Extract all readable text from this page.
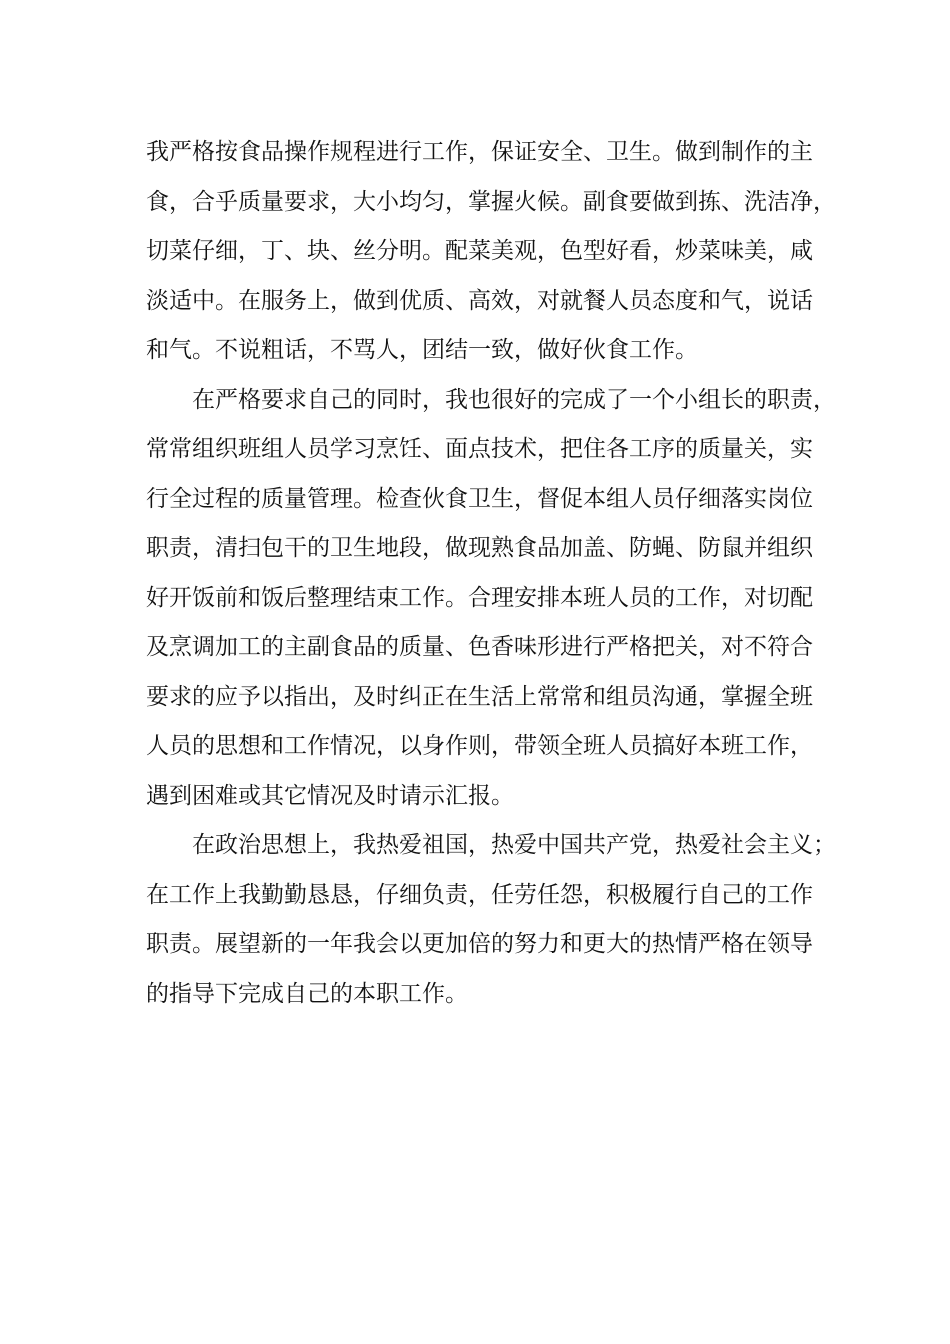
我严格按食品操作规程进行工作，保证安全、卫生。做到制作的主
食，合乎质量要求，大小均匀，掌握火候。副食要做到拣、洗洁净，
切菜仔细，丁、块、丝分明。配菜美观，色型好看，炒菜味美，咸
淡适中。在服务上，做到优质、高效，对就餐人员态度和气，说话
和气。不说粗话，不骂人，团结一致，做好伙食工作。
在严格要求自己的同时，我也很好的完成了一个小组长的职责，
常常组织班组人员学习烹饪、面点技术，把住各工序的质量关，实
行全过程的质量管理。检查伙食卫生，督促本组人员仔细落实岗位
职责，清扫包干的卫生地段，做现熟食品加盖、防蝇、防鼠并组织
好开饭前和饭后整理结束工作。合理安排本班人员的工作，对切配
及烹调加工的主副食品的质量、色香味形进行严格把关，对不符合
要求的应予以指出，及时纠正在生活上常常和组员沟通，掌握全班
人员的思想和工作情况，以身作则，带领全班人员搞好本班工作，
遇到困难或其它情况及时请示汇报。
在政治思想上，我热爱祖国，热爱中国共产党，热爱社会主义；
在工作上我勤勤恳恳，仔细负责，任劳任怨，积极履行自己的工作
职责。展望新的一年我会以更加倍的努力和更大的热情严格在领导
的指导下完成自己的本职工作。
